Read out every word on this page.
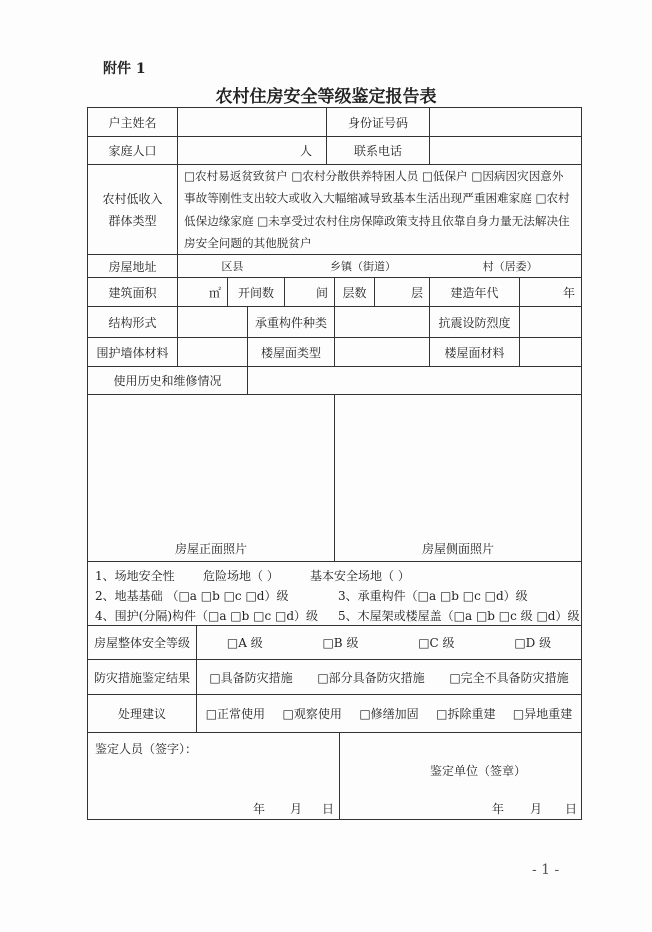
附件 1
农村住房安全等级鉴定报告表
户主姓名	身份证号码
家庭人口	人	联系电话
农村低收入群体类型
□农村易返贫致贫户 □农村分散供养特困人员 □低保户 □因病因灾因意外事故等刚性支出较大或收入大幅缩减导致基本生活出现严重困难家庭 □农村低保边缘家庭 □未享受过农村住房保障政策支持且依靠自身力量无法解决住房安全问题的其他脱贫户
房屋地址	区县	乡镇（街道）	村（居委）
建筑面积	㎡	开间数	间	层数	层	建造年代	年
结构形式	承重构件种类	抗震设防烈度
围护墙体材料	楼屋面类型	楼屋面材料
使用历史和维修情况
房屋正面照片	房屋侧面照片
1、场地安全性 危险场地（ ）	基本安全场地（ ）
2、地基基础 （□a □b □c □d）级	3、承重构件（□a □b □c □d）级
4、围护(分隔)构件（□a □b □c □d）级 5、木屋架或楼屋盖（□a □b □c 级 □d）级
房屋整体安全等级	□A 级	□B 级	□C 级	□D 级
防灾措施鉴定结果	□具备防灾措施 □部分具备防灾措施 □完全不具备防灾措施
处理建议	□正常使用 □观察使用 □修缮加固 □拆除重建 □异地重建
鉴定人员（签字）：
鉴定单位（签章）
年 月 日	年 月 日
- 1 -
